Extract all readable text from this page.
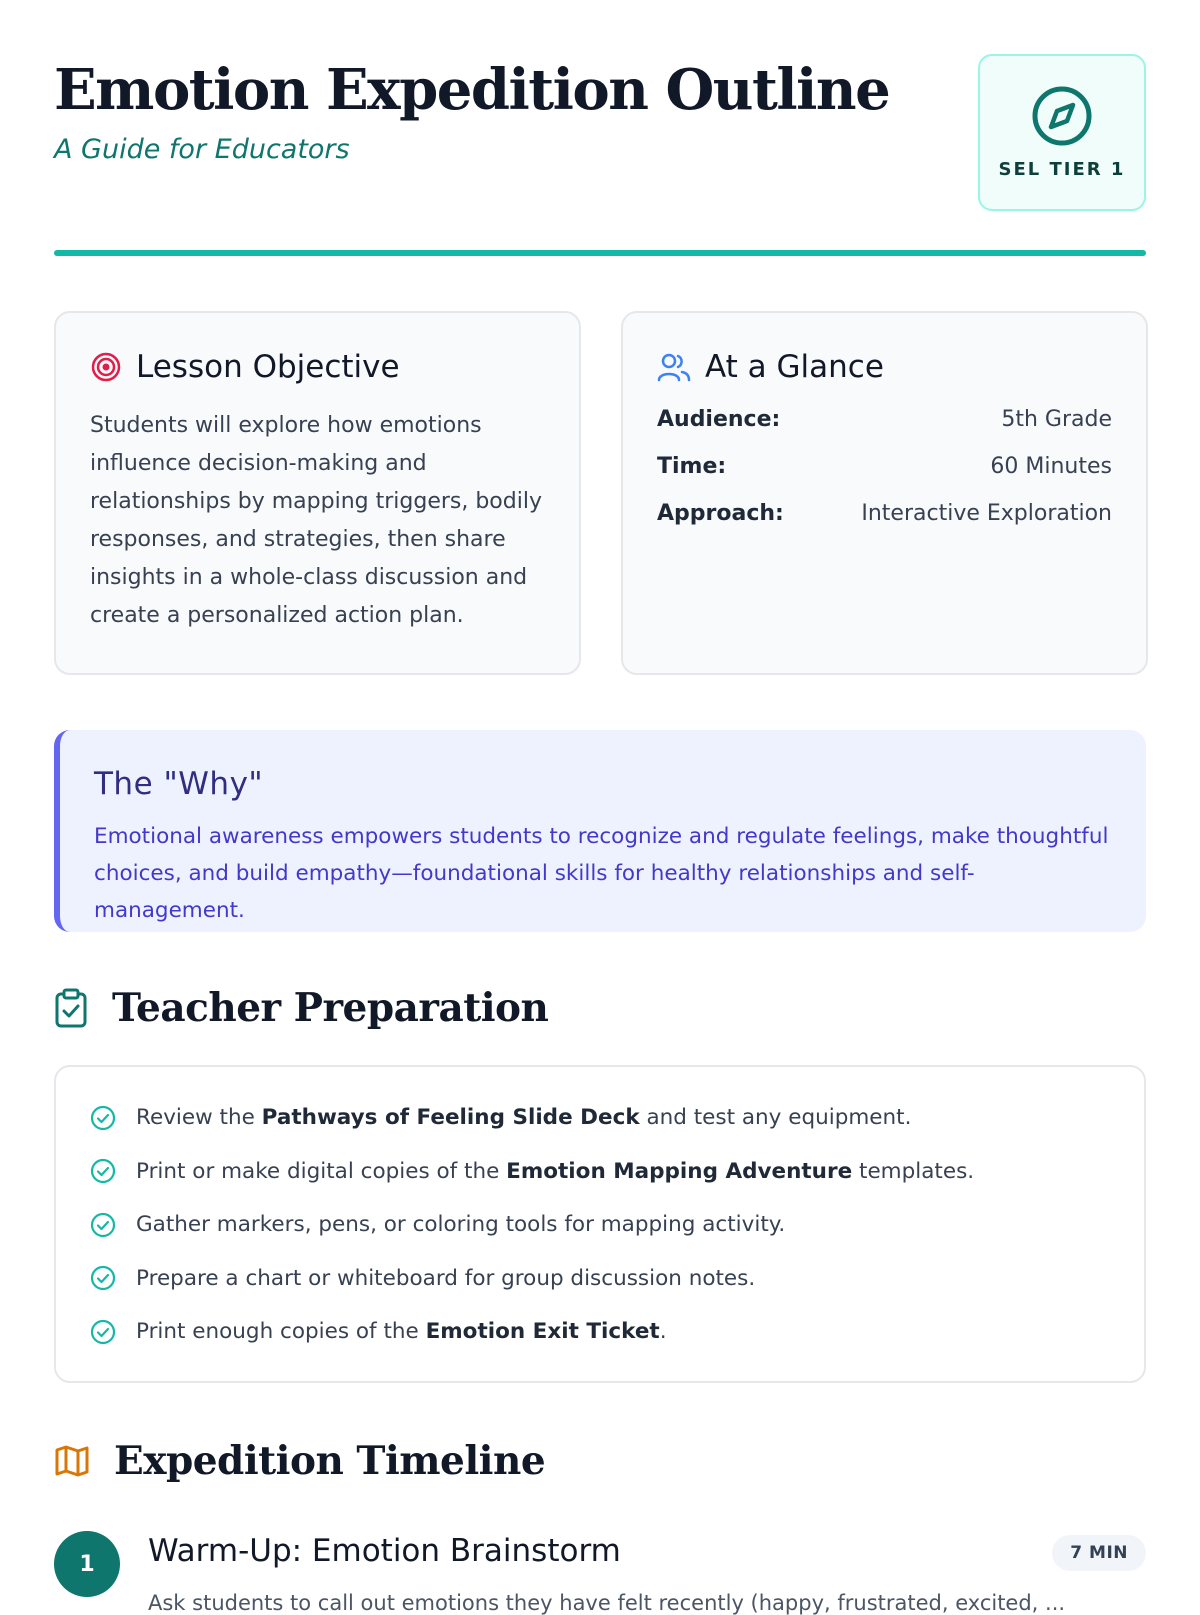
Emotion Expedition Outline
A Guide for Educators
SEL TIER 1
Lesson Objective

Students will explore how emotions influence decision-making and relationships by mapping triggers, bodily responses, and strategies, then share insights in a whole-class discussion and create a personalized action plan.

At a Glance
Audience:	5th Grade
Time:	60 Minutes
Approach:	Interactive Exploration
The "Why"

Emotional awareness empowers students to recognize and regulate feelings, make thoughtful choices, and build empathy—foundational skills for healthy relationships and self-management.

Teacher Preparation
Review the Pathways of Feeling Slide Deck and test any equipment.
Print or make digital copies of the Emotion Mapping Adventure templates.
Gather markers, pens, or coloring tools for mapping activity.
Prepare a chart or whiteboard for group discussion notes.
Print enough copies of the Emotion Exit Ticket.
Expedition Timeline
1	Warm-Up: Emotion Brainstorm	7 MIN
Ask students to call out emotions they have felt recently (happy, frustrated, excited, ...
